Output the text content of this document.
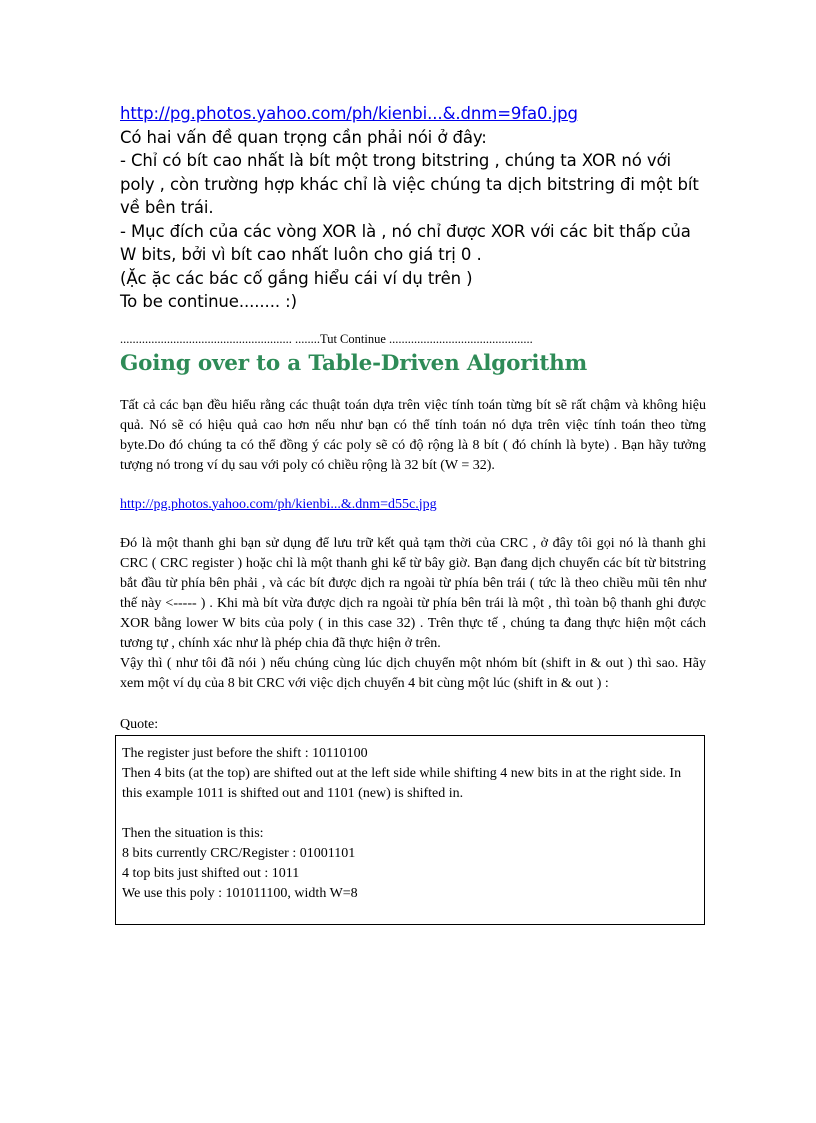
http://pg.photos.yahoo.com/ph/kienbi...&.dnm=9fa0.jpg

Có hai vấn đề quan trọng cần phải nói ở đây:

- Chỉ có bít cao nhất là bít một trong bitstring , chúng ta XOR nó với poly , còn trường hợp khác chỉ là việc chúng ta dịch bitstring đi một bít về bên trái.

- Mục đích của các vòng XOR là , nó chỉ được XOR với các bit thấp của W bits, bởi vì bít cao nhất luôn cho giá trị 0 .

(Ặc ặc các bác cố gắng hiểu cái ví dụ trên )

To be continue........ :)

....................................................... ........Tut Continue ..............................................
Going over to a Table-Driven Algorithm

Tất cả các bạn đều hiểu rằng các thuật toán dựa trên việc tính toán từng bít sẽ rất chậm và không hiệu quả. Nó sẽ có hiệu quả cao hơn nếu như bạn có thể tính toán nó dựa trên việc tính toán theo từng byte.Do đó chúng ta có thể đồng ý các poly sẽ có độ rộng là 8 bít ( đó chính là byte) . Bạn hãy tưởng tượng nó trong ví dụ sau với poly có chiều rộng là 32 bít (W = 32).

http://pg.photos.yahoo.com/ph/kienbi...&.dnm=d55c.jpg

Đó là một thanh ghi bạn sử dụng để lưu trữ kết quả tạm thời của CRC , ở đây tôi gọi nó là thanh ghi CRC ( CRC register ) hoặc chỉ là một thanh ghi kể từ bây giờ. Bạn đang dịch chuyển các bít từ bitstring bắt đầu từ phía bên phải , và các bít được dịch ra ngoài từ phía bên trái ( tức là theo chiều mũi tên như thế này <----- ) . Khi mà bít vừa được dịch ra ngoài từ phía bên trái là một , thì toàn bộ thanh ghi được XOR bằng lower W bits của poly ( in this case 32) . Trên thực tế , chúng ta đang thực hiện một cách tương tự , chính xác như là phép chia đã thực hiện ở trên.

Vậy thì ( như tôi đã nói ) nếu chúng cùng lúc dịch chuyển một nhóm bít (shift in & out ) thì sao. Hãy xem một ví dụ của 8 bit CRC với việc dịch chuyển 4 bit cùng một lúc (shift in & out ) :

Quote:

The register just before the shift : 10110100

Then 4 bits (at the top) are shifted out at the left side while shifting 4 new bits in at the right side. In this example 1011 is shifted out and 1101 (new) is shifted in.

Then the situation is this:

8 bits currently CRC/Register : 01001101

4 top bits just shifted out : 1011

We use this poly : 101011100, width W=8
